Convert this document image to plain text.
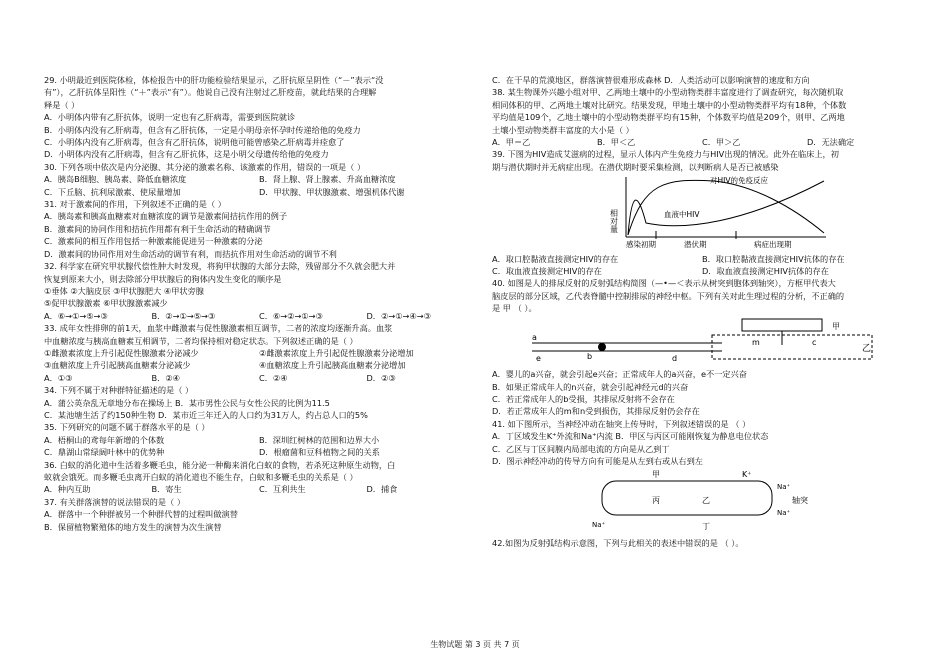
29. 小明最近到医院体检，体检报告中的肝功能检验结果显示，乙肝抗原呈阴性（“－”表示“没
有”），乙肝抗体呈阳性（“＋”表示“有”）。他说自己没有注射过乙肝疫苗，就此结果的合理解
释是（ ）
A．小明体内带有乙肝抗体，说明一定也有乙肝病毒，需要到医院就诊
B．小明体内没有乙肝病毒，但含有乙肝抗体，一定是小明母亲怀孕时传递给他的免疫力
C．小明体内没有乙肝病毒，但含有乙肝抗体，说明他可能曾感染乙肝病毒并痊愈了
D．小明体内没有乙肝病毒，但含有乙肝抗体，这是小明父母遗传给他的免疫力
30. 下列各项中依次是内分泌腺、其分泌的激素名称、该激素的作用，错误的一项是（ ）
A．胰岛B细胞、胰岛素、降低血糖浓度	B．肾上腺、肾上腺素、升高血糖浓度
C．下丘脑、抗利尿激素、使尿量增加	D．甲状腺、甲状腺激素、增强机体代谢
31. 对于激素间的作用，下列叙述不正确的是（ ）
A．胰岛素和胰高血糖素对血糖浓度的调节是激素间拮抗作用的例子
B．激素间的协同作用和拮抗作用都有利于生命活动的精确调节
C．激素间的相互作用包括一种激素能促进另一种激素的分泌
D．激素间的协同作用对生命活动的调节有利，而拮抗作用对生命活动的调节不利
32. 科学家在研究甲状腺代偿性肿大时发现，将狗甲状腺的大部分去除，残留部分不久就会肥大并
恢复到原来大小，则去除部分甲状腺后的狗体内发生变化的顺序是
①垂体 ②大脑皮层 ③甲状腺肥大 ④甲状旁腺
⑤促甲状腺激素 ⑥甲状腺激素减少
A．⑥→①→⑤→③	B．②→①→⑤→③	C．⑥→②→①→③	D．②→①→④→③
33. 成年女性排卵的前1天，血浆中雌激素与促性腺激素相互调节，二者的浓度均逐渐升高。血浆
中血糖浓度与胰高血糖素互相调节，二者均保持相对稳定状态。下列叙述正确的是（ ）
①雌激素浓度上升引起促性腺激素分泌减少	②雌激素浓度上升引起促性腺激素分泌增加
③血糖浓度上升引起胰高血糖素分泌减少	④血糖浓度上升引起胰高血糖素分泌增加
A．①③	B．②④	C．②④	D．②③
34. 下列不属于对种群特征描述的是（ ）
A．蒲公英杂乱无章地分布在操场上 B．某市男性公民与女性公民的比例为11.5
C．某池塘生活了约150种生物 D．某市近三年迁入的人口约为31万人，约占总人口的5%
35. 下列研究的问题不属于群落水平的是（ ）
A．梧桐山的鸢每年新增的个体数	B．深圳红树林的范围和边界大小
C．鼎湖山常绿阔叶林中的优势种	D．根瘤菌和豆科植物之间的关系
36. 白蚁的消化道中生活着多鞭毛虫，能分泌一种酶来消化白蚁的食物，若杀死这种原生动物，白
蚁就会饿死。而多鞭毛虫离开白蚁的消化道也不能生存，白蚁和多鞭毛虫的关系是（ ）
A．种内互助	B．寄生	C．互利共生	D．捕食
37. 有关群落演替的说法错误的是（ ）
A．群落中一个种群被另一个种群代替的过程叫做演替
B．保留植物繁殖体的地方发生的演替为次生演替
C．在干旱的荒漠地区，群落演替很难形成森林 D．人类活动可以影响演替的速度和方向
38. 某生物课外兴趣小组对甲、乙两地土壤中的小型动物类群丰富度进行了调查研究，每次随机取
相同体积的甲、乙两地土壤对比研究。结果发现，甲地土壤中的小型动物类群平均有18种，个体数
平均值是109个，乙地土壤中的小型动物类群平均有15种，个体数平均值是209个，则甲、乙两地
土壤小型动物类群丰富度的大小是（ ）
A．甲＝乙	B．甲＜乙	C．甲＞乙	D．无法确定
39. 下图为HIV造成艾滋病的过程，显示人体内产生免疫力与HIV出现的情况。此外在临床上，初
期与潜伏期时并无病症出现。在潜伏期时要采集检测，以判断病人是否已被感染
相对量
对HIV的免疫反应
血液中HIV
感染初期	潜伏期	病症出现期
A．取口腔黏液直接测定HIV的存在	B．取口腔黏液直接测定HIV抗体的存在
C．取血液直接测定HIV的存在	D．取血液直接测定HIV抗体的存在
40. 如图是人的排尿反射的反射弧结构简图（—•—＜表示从树突到胞体到轴突），方框甲代表大
脑皮层的部分区域，乙代表脊髓中控制排尿的神经中枢。下列有关对此生理过程的分析，不正确的
是 甲 （ ）。
甲
乙
a
b
c
d
e
m
A．婴儿的a兴奋，就会引起e兴奋；正常成年人的a兴奋，e不一定兴奋
B．如果正常成年人的n兴奋，就会引起神经元d的兴奋
C．若正常成年人的b受损，其排尿反射将不会存在
D．若正常成年人的m和n受到损伤，其排尿反射仍会存在
41. 如下图所示，当神经冲动在轴突上传导时，下列叙述错误的是 （ ）
A．丁区域发生K⁺外流和Na⁺内流 B．甲区与丙区可能刚恢复为静息电位状态
C．乙区与丁区间膜内局部电流的方向是从乙到丁
D．图示神经冲动的传导方向有可能是从左到右或从右到左
甲	K⁺
丙	乙
丁
Na⁺
Na⁺
Na⁺
轴突
42.如图为反射弧结构示意图，下列与此相关的表述中错误的是 （ ）。
生物试题 第 3 页 共 7 页
